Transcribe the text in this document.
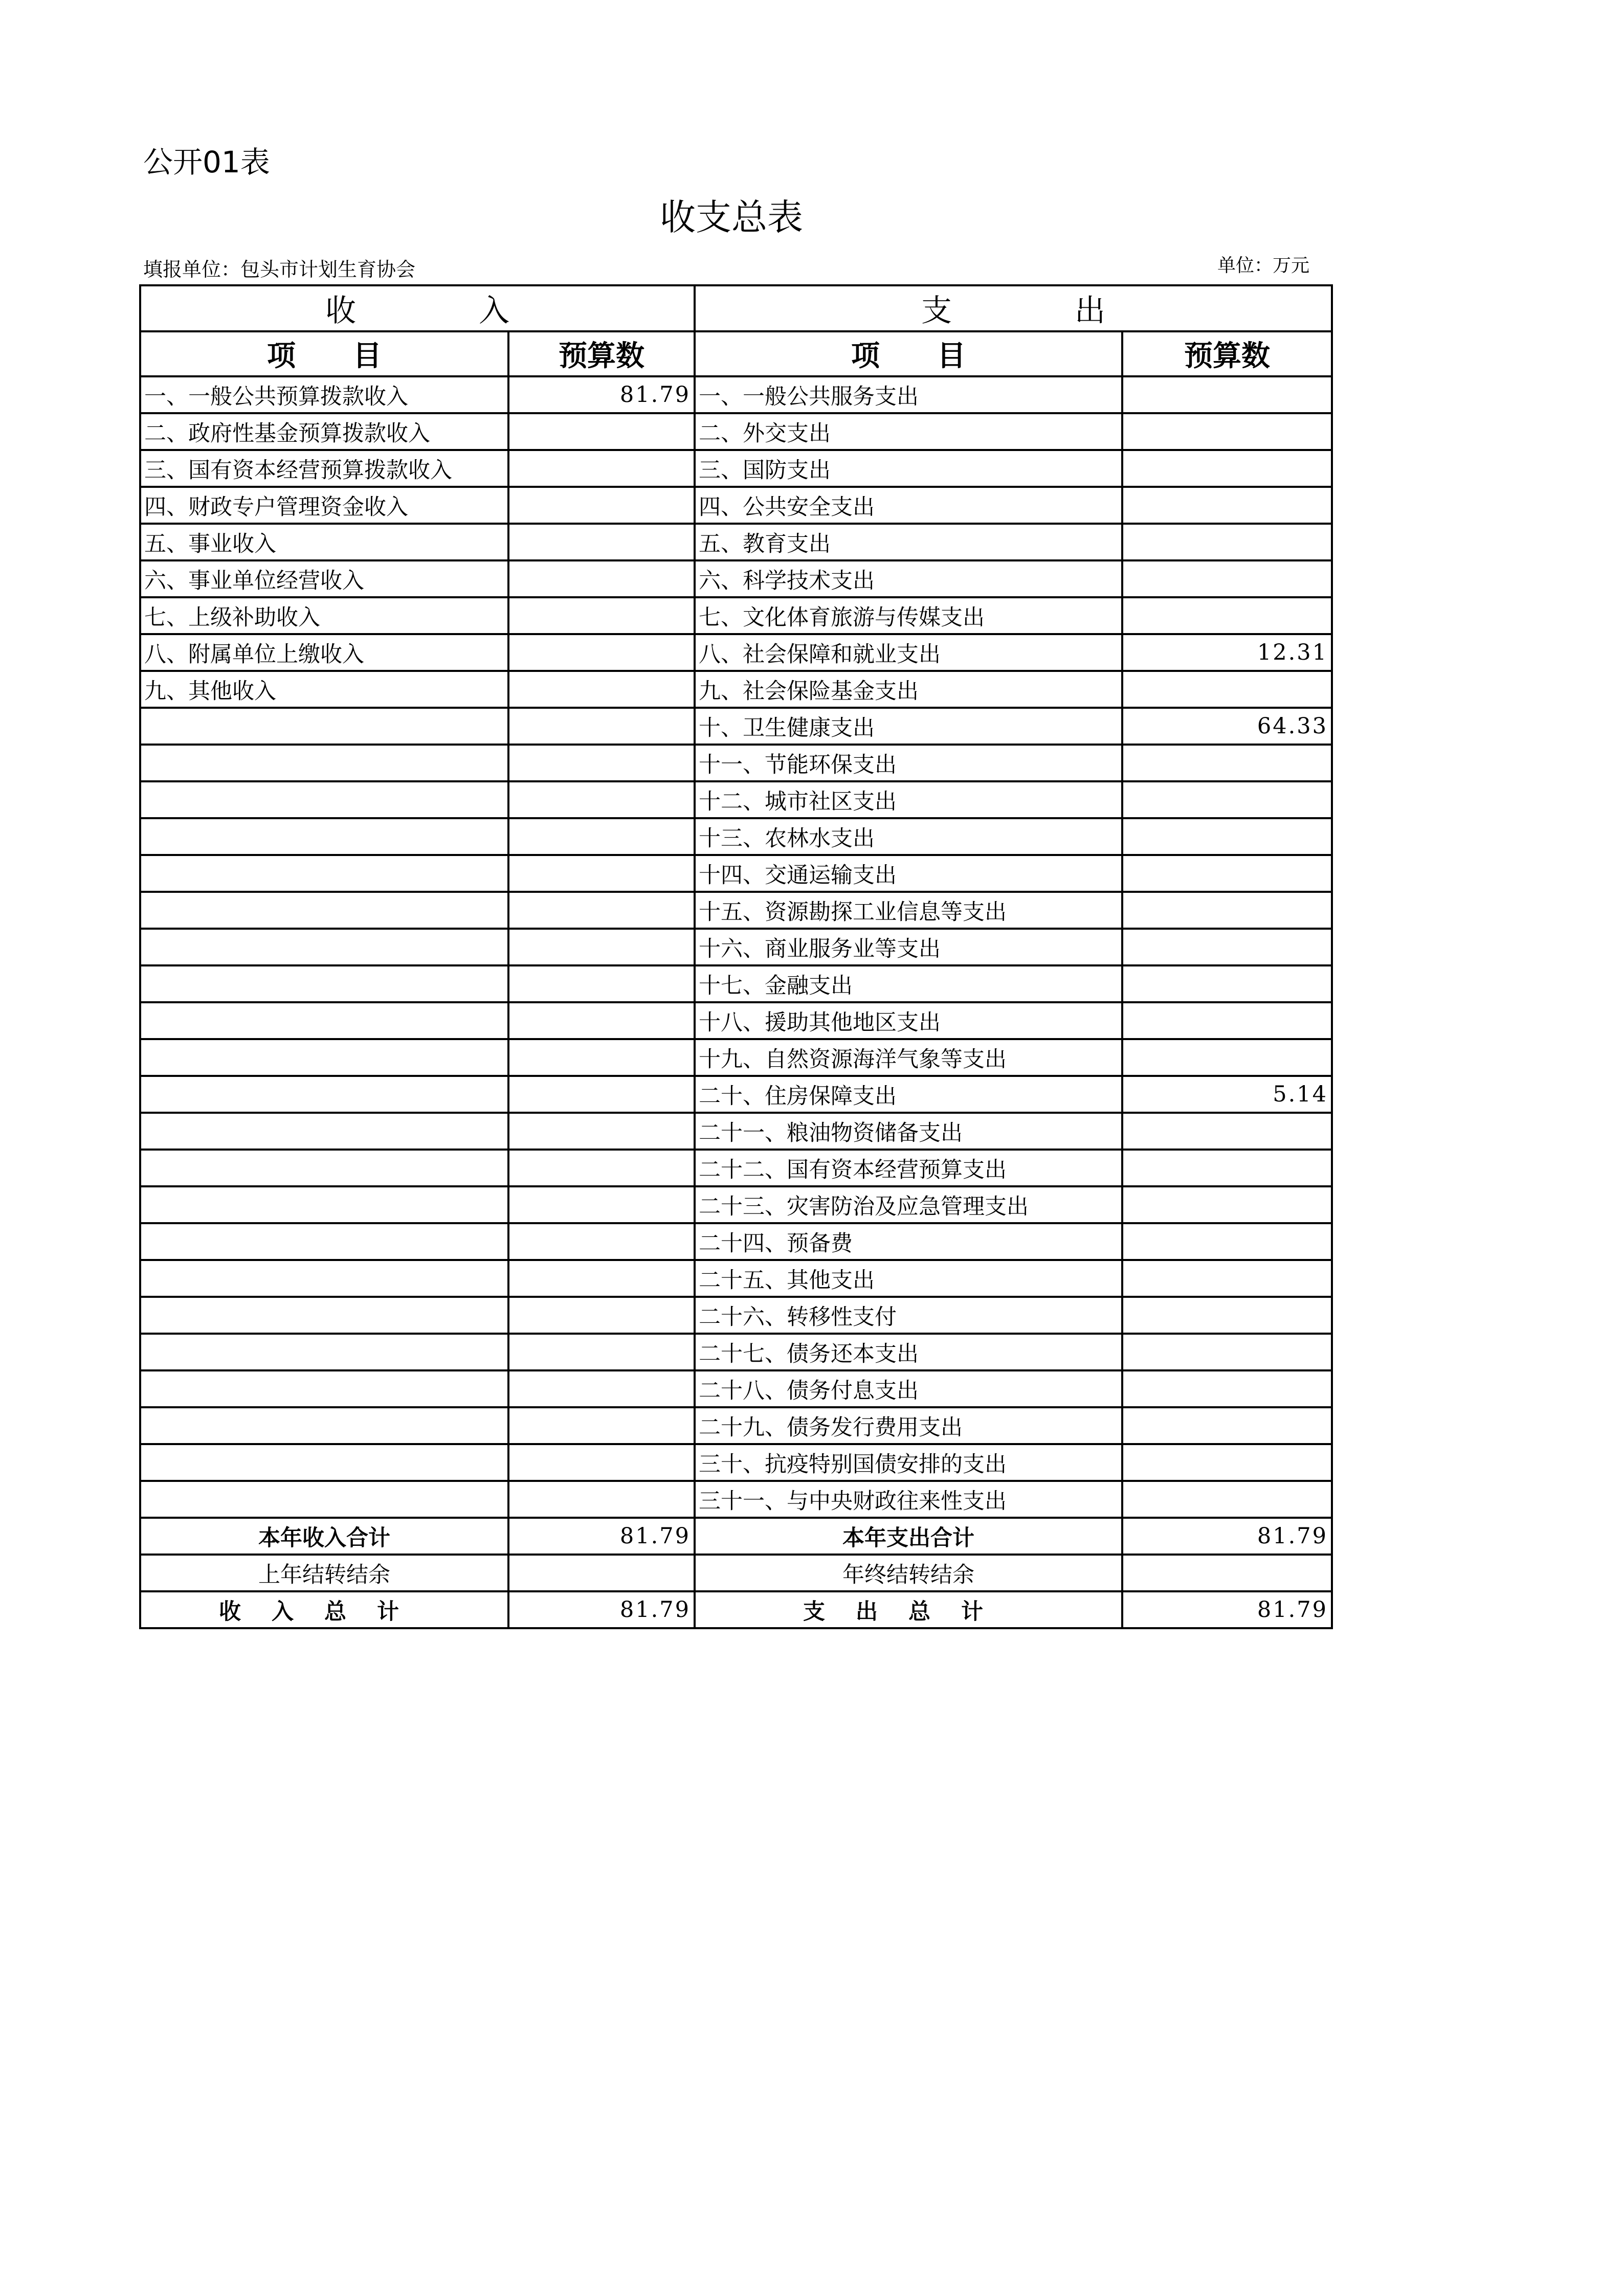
公开01表
收支总表
填报单位：包头市计划生育协会	单位：万元
收　　　　入		支　　　　出	
项　　目	预算数	项　　目	预算数
一、一般公共预算拨款收入	81.79	一、一般公共服务支出	
二、政府性基金预算拨款收入		二、外交支出	
三、国有资本经营预算拨款收入		三、国防支出	
四、财政专户管理资金收入		四、公共安全支出	
五、事业收入		五、教育支出	
六、事业单位经营收入		六、科学技术支出	
七、上级补助收入		七、文化体育旅游与传媒支出	
八、附属单位上缴收入		八、社会保障和就业支出	12.31
九、其他收入		九、社会保险基金支出	
		十、卫生健康支出	64.33
		十一、节能环保支出	
		十二、城市社区支出	
		十三、农林水支出	
		十四、交通运输支出	
		十五、资源勘探工业信息等支出	
		十六、商业服务业等支出	
		十七、金融支出	
		十八、援助其他地区支出	
		十九、自然资源海洋气象等支出	
		二十、住房保障支出	5.14
		二十一、粮油物资储备支出	
		二十二、国有资本经营预算支出	
		二十三、灾害防治及应急管理支出	
		二十四、预备费	
		二十五、其他支出	
		二十六、转移性支付	
		二十七、债务还本支出	
		二十八、债务付息支出	
		二十九、债务发行费用支出	
		三十、抗疫特别国债安排的支出	
		三十一、与中央财政往来性支出	
本年收入合计	81.79	本年支出合计	81.79
上年结转结余		年终结转结余	
收入总计	81.79	支出总计	81.79
